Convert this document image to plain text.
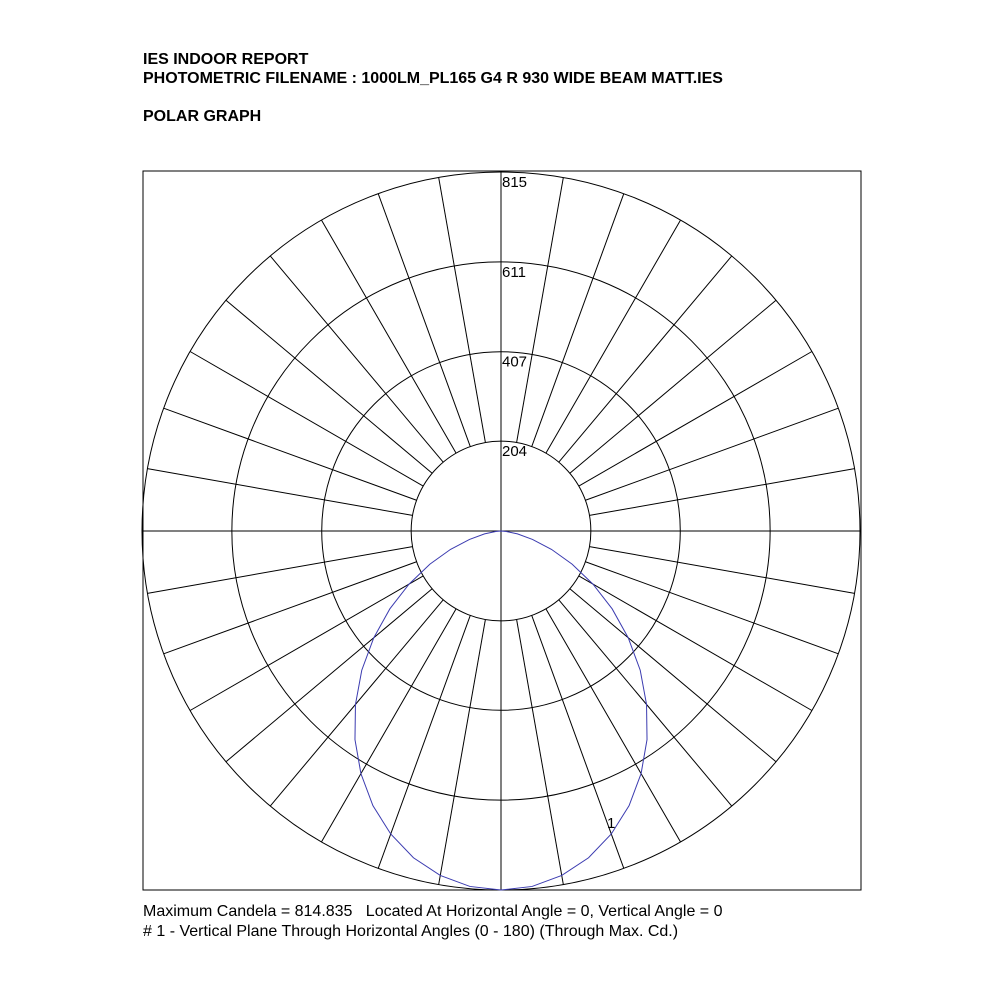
IES INDOOR REPORT
PHOTOMETRIC FILENAME : 1000LM_PL165 G4 R 930 WIDE BEAM MATT.IES
POLAR GRAPH
204
407
611
815
1
Maximum Candela = 814.835   Located At Horizontal Angle = 0, Vertical Angle = 0
# 1 - Vertical Plane Through Horizontal Angles (0 - 180) (Through Max. Cd.)
